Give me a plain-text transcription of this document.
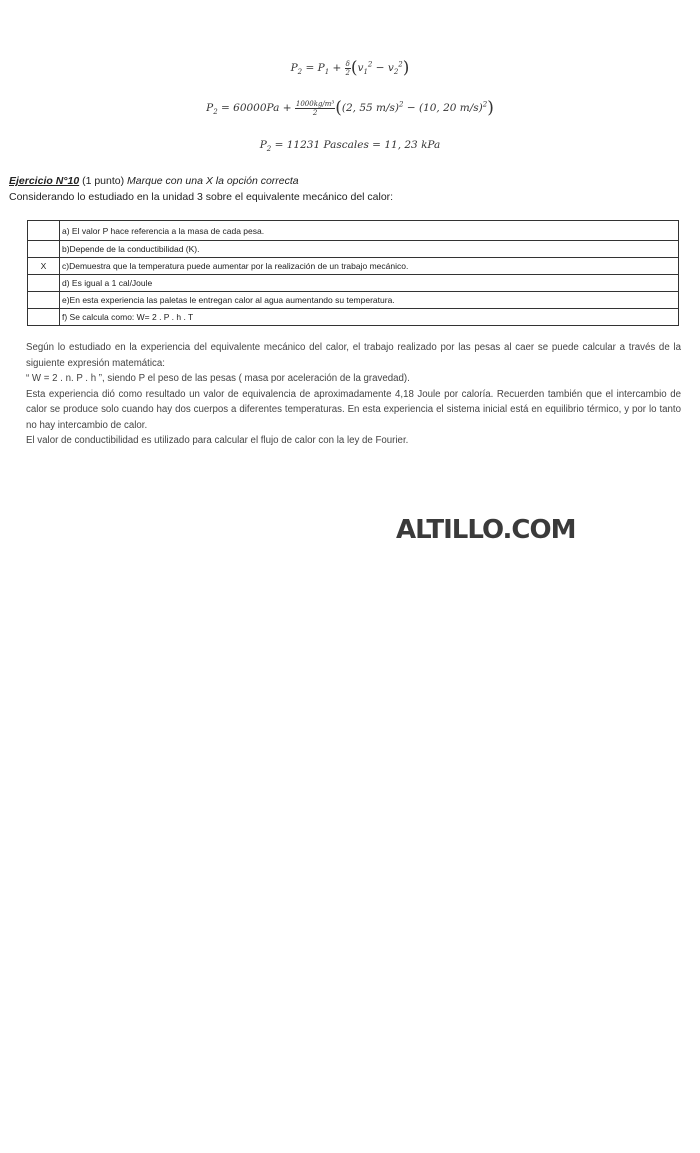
$P_2 = P_1 + \frac{\delta}{2} (v_1^2 - v_2^2)$
$P_2 = 60000Pa + \frac{\text{1000kg/m³}}{2} ((2$, 55 m/s)$^2$ − (10, 20 m/s)$^2$)
$P_2 = 11231$ Pascales = 11, 23 kPa
Ejercicio N°10 (1 punto) Marque con una X la opción correcta
Considerando lo estudiado en la unidad 3 sobre el equivalente mecánico del calor:
	a) El valor P hace referencia a la masa de cada pesa.
	b)Depende de la conductibilidad (K).
X	c)Demuestra que la temperatura puede aumentar por la realización de un trabajo mecánico.
	d) Es igual a 1 cal/Joule
	e)En esta experiencia las paletas le entregan calor al agua aumentando su temperatura.
	f) Se calcula como: W= 2 . P . h . T

Según lo estudiado en la experiencia del equivalente mecánico del calor, el trabajo realizado por las pesas al caer se puede calcular a través de la siguiente expresión matemática:

“ W = 2 . n. P . h ”, siendo P el peso de las pesas ( masa por aceleración de la gravedad).

Esta experiencia dió como resultado un valor de equivalencia de aproximadamente 4,18 Joule por caloría. Recuerden también que el intercambio de calor se produce solo cuando hay dos cuerpos a diferentes temperaturas. En esta experiencia el sistema inicial está en equilibrio térmico, y por lo tanto no hay intercambio de calor.

El valor de conductibilidad es utilizado para calcular el flujo de calor con la ley de Fourier.

ALTILLO.COM
